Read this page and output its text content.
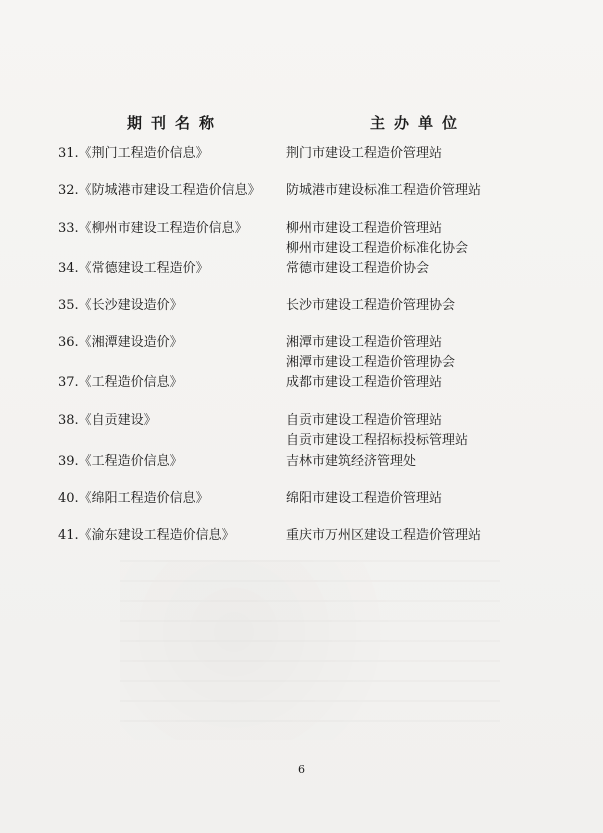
期刊名称	主办单位
31.《荆门工程造价信息》	荆门市建设工程造价管理站
32.《防城港市建设工程造价信息》 防城港市建设标准工程造价管理站
33.《柳州市建设工程造价信息》	柳州市建设工程造价管理站
柳州市建设工程造价标准化协会
34.《常德建设工程造价》	常德市建设工程造价协会
35.《长沙建设造价》	长沙市建设工程造价管理协会
36.《湘潭建设造价》	湘潭市建设工程造价管理站
湘潭市建设工程造价管理协会
37.《工程造价信息》	成都市建设工程造价管理站
38.《自贡建设》	自贡市建设工程造价管理站
自贡市建设工程招标投标管理站
39.《工程造价信息》	吉林市建筑经济管理处
40.《绵阳工程造价信息》	绵阳市建设工程造价管理站
41.《渝东建设工程造价信息》	重庆市万州区建设工程造价管理站
6
